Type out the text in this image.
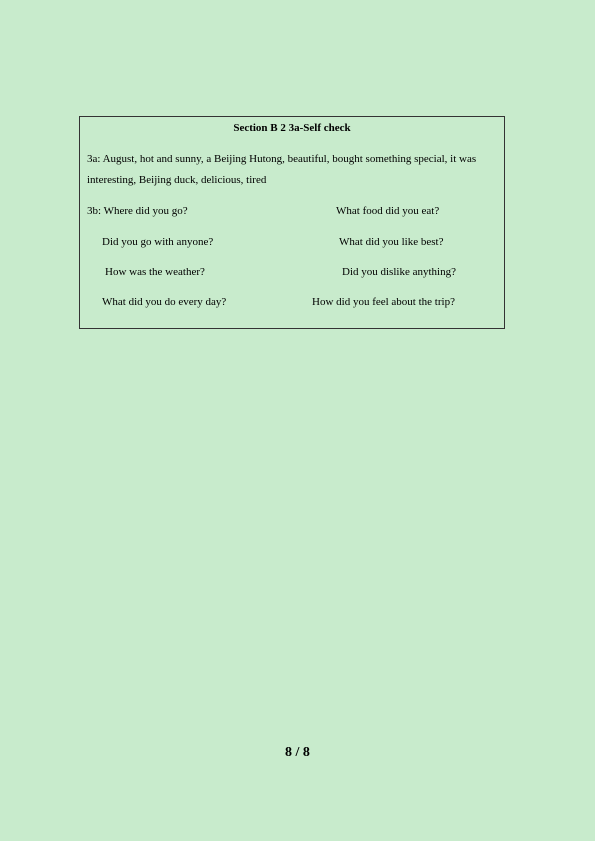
Section B 2 3a-Self check
3a: August, hot and sunny, a Beijing Hutong, beautiful, bought something special, it was interesting, Beijing duck, delicious, tired
3b: Where did you go?	What food did you eat?
Did you go with anyone?	What did you like best?
How was the weather?	Did you dislike anything?
What did you do every day?	How did you feel about the trip?
8 / 8
